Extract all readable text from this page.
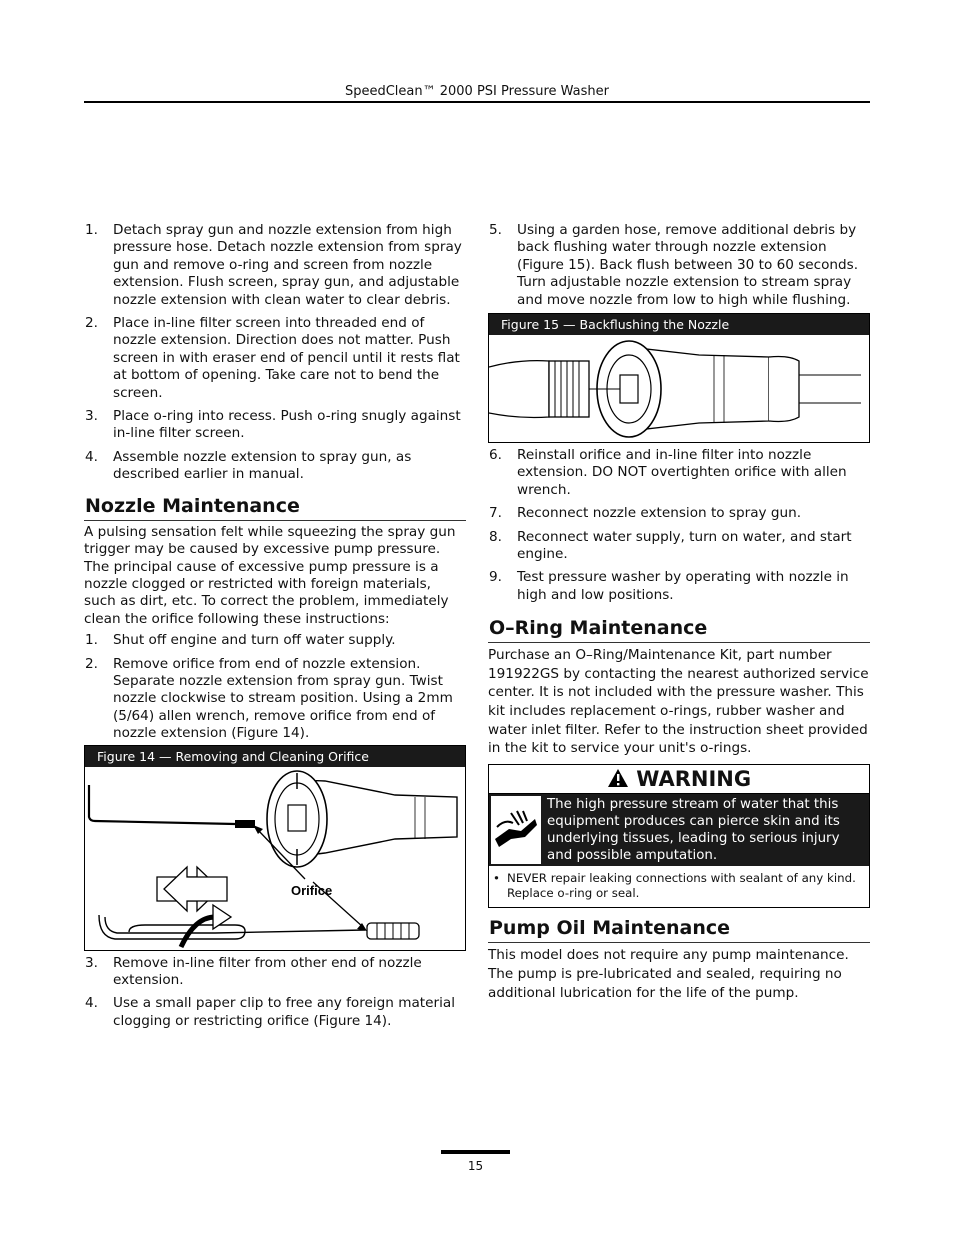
SpeedClean™ 2000 PSI Pressure Washer
1. Detach spray gun and nozzle extension from high pressure hose. Detach nozzle extension from spray gun and remove o-ring and screen from nozzle extension. Flush screen, spray gun, and adjustable nozzle extension with clean water to clear debris.
2. Place in-line filter screen into threaded end of nozzle extension. Direction does not matter. Push screen in with eraser end of pencil until it rests flat at bottom of opening. Take care not to bend the screen.
3. Place o-ring into recess. Push o-ring snugly against in-line filter screen.
4. Assemble nozzle extension to spray gun, as described earlier in manual.
Nozzle Maintenance

A pulsing sensation felt while squeezing the spray gun trigger may be caused by excessive pump pressure. The principal cause of excessive pump pressure is a nozzle clogged or restricted with foreign materials, such as dirt, etc. To correct the problem, immediately clean the orifice following these instructions:

1. Shut off engine and turn off water supply.
2. Remove orifice from end of nozzle extension. Separate nozzle extension from spray gun. Twist nozzle clockwise to stream position. Using a 2mm (5/64) allen wrench, remove orifice from end of nozzle extension (Figure 14).
Figure 14 — Removing and Cleaning Orifice
Orifice
3. Remove in-line filter from other end of nozzle extension.
4. Use a small paper clip to free any foreign material clogging or restricting orifice (Figure 14).
5. Using a garden hose, remove additional debris by back flushing water through nozzle extension (Figure 15). Back flush between 30 to 60 seconds. Turn adjustable nozzle extension to stream spray and move nozzle from low to high while flushing.
Figure 15 — Backflushing the Nozzle
6. Reinstall orifice and in-line filter into nozzle extension. DO NOT overtighten orifice with allen wrench.
7. Reconnect nozzle extension to spray gun.
8. Reconnect water supply, turn on water, and start engine.
9. Test pressure washer by operating with nozzle in high and low positions.
O–Ring Maintenance

Purchase an O–Ring/Maintenance Kit, part number 191922GS by contacting the nearest authorized service center. It is not included with the pressure washer. This kit includes replacement o-rings, rubber washer and water inlet filter. Refer to the instruction sheet provided in the kit to service your unit's o-rings.

WARNING
The high pressure stream of water that this equipment produces can pierce skin and its underlying tissues, leading to serious injury and possible amputation.
• NEVER repair leaking connections with sealant of any kind. Replace o-ring or seal.
Pump Oil Maintenance

This model does not require any pump maintenance. The pump is pre-lubricated and sealed, requiring no additional lubrication for the life of the pump.

15
